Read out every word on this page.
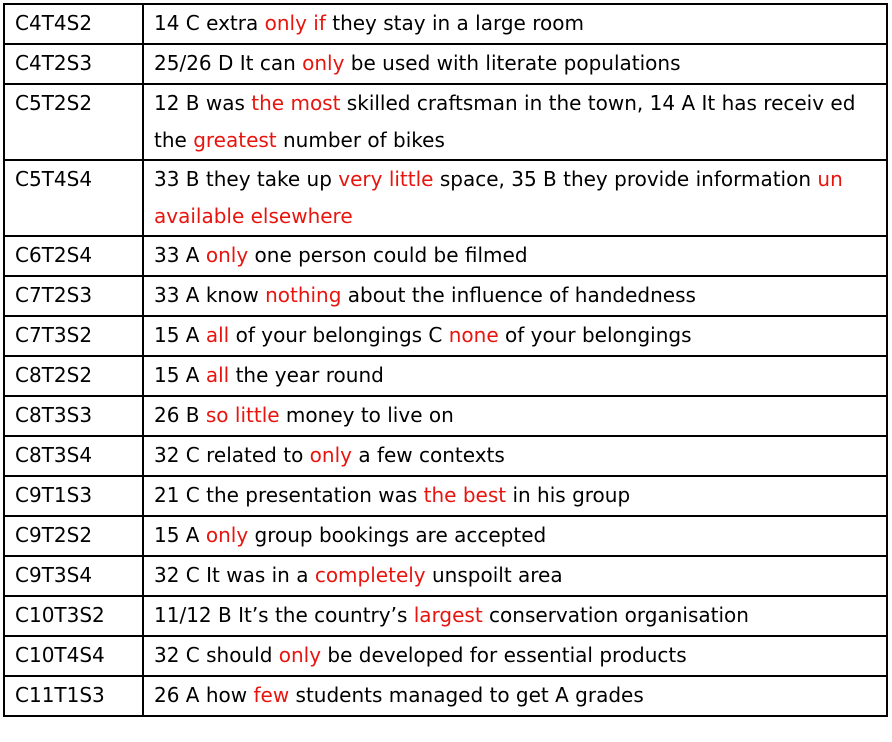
C4T4S2	14 C extra only if they stay in a large room
C4T2S3	25/26 D It can only be used with literate populations
C5T2S2	12 B was the most skilled craftsman in the town, 14 A It has receiv ed the greatest number of bikes
C5T4S4	33 B they take up very little space, 35 B they provide information un available elsewhere
C6T2S4	33 A only one person could be filmed
C7T2S3	33 A know nothing about the influence of handedness
C7T3S2	15 A all of your belongings C none of your belongings
C8T2S2	15 A all the year round
C8T3S3	26 B so little money to live on
C8T3S4	32 C related to only a few contexts
C9T1S3	21 C the presentation was the best in his group
C9T2S2	15 A only group bookings are accepted
C9T3S4	32 C It was in a completely unspoilt area
C10T3S2	11/12 B It’s the country’s largest conservation organisation
C10T4S4	32 C should only be developed for essential products
C11T1S3	26 A how few students managed to get A grades
